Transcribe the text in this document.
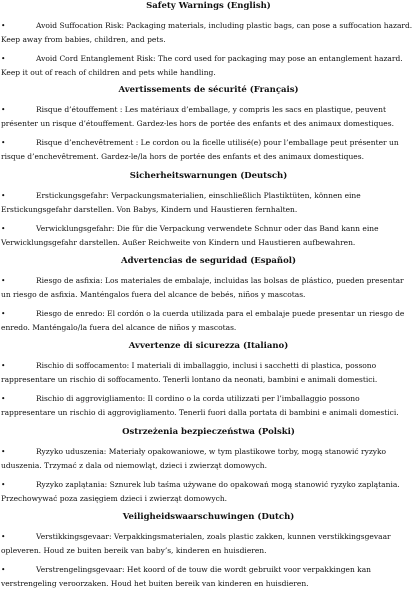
Safety Warnings (English)

•	Avoid Suffocation Risk: Packaging materials, including plastic bags, can pose a suffocation hazard. Keep away from babies, children, and pets.

•	Avoid Cord Entanglement Risk: The cord used for packaging may pose an entanglement hazard. Keep it out of reach of children and pets while handling.

Avertissements de sécurité (Français)

•	Risque d’étouffement : Les matériaux d’emballage, y compris les sacs en plastique, peuvent présenter un risque d’étouffement. Gardez-les hors de portée des enfants et des animaux domestiques.

•	Risque d’enchevêtrement : Le cordon ou la ficelle utilisé(e) pour l’emballage peut présenter un risque d’enchevêtrement. Gardez-le/la hors de portée des enfants et des animaux domestiques.

Sicherheitswarnungen (Deutsch)

•	Erstickungsgefahr: Verpackungsmaterialien, einschließlich Plastiktüten, können eine Erstickungsgefahr darstellen. Von Babys, Kindern und Haustieren fernhalten.

•	Verwicklungsgefahr: Die für die Verpackung verwendete Schnur oder das Band kann eine Verwicklungsgefahr darstellen. Außer Reichweite von Kindern und Haustieren aufbewahren.

Advertencias de seguridad (Español)

•	Riesgo de asfixia: Los materiales de embalaje, incluidas las bolsas de plástico, pueden presentar un riesgo de asfixia. Manténgalos fuera del alcance de bebés, niños y mascotas.

•	Riesgo de enredo: El cordón o la cuerda utilizada para el embalaje puede presentar un riesgo de enredo. Manténgalo/la fuera del alcance de niños y mascotas.

Avvertenze di sicurezza (Italiano)

•	Rischio di soffocamento: I materiali di imballaggio, inclusi i sacchetti di plastica, possono rappresentare un rischio di soffocamento. Tenerli lontano da neonati, bambini e animali domestici.

•	Rischio di aggrovigliamento: Il cordino o la corda utilizzati per l’imballaggio possono rappresentare un rischio di aggrovigliamento. Tenerli fuori dalla portata di bambini e animali domestici.

Ostrzeżenia bezpieczeństwa (Polski)

•	Ryzyko uduszenia: Materiały opakowaniowe, w tym plastikowe torby, mogą stanowić ryzyko uduszenia. Trzymać z dala od niemowląt, dzieci i zwierząt domowych.

•	Ryzyko zaplątania: Sznurek lub taśma używane do opakowań mogą stanowić ryzyko zaplątania. Przechowywać poza zasięgiem dzieci i zwierząt domowych.

Veiligheidswaarschuwingen (Dutch)

•	Verstikkingsgevaar: Verpakkingsmaterialen, zoals plastic zakken, kunnen verstikkingsgevaar opleveren. Houd ze buiten bereik van baby’s, kinderen en huisdieren.

•	Verstrengelingsgevaar: Het koord of de touw die wordt gebruikt voor verpakkingen kan verstrengeling veroorzaken. Houd het buiten bereik van kinderen en huisdieren.
